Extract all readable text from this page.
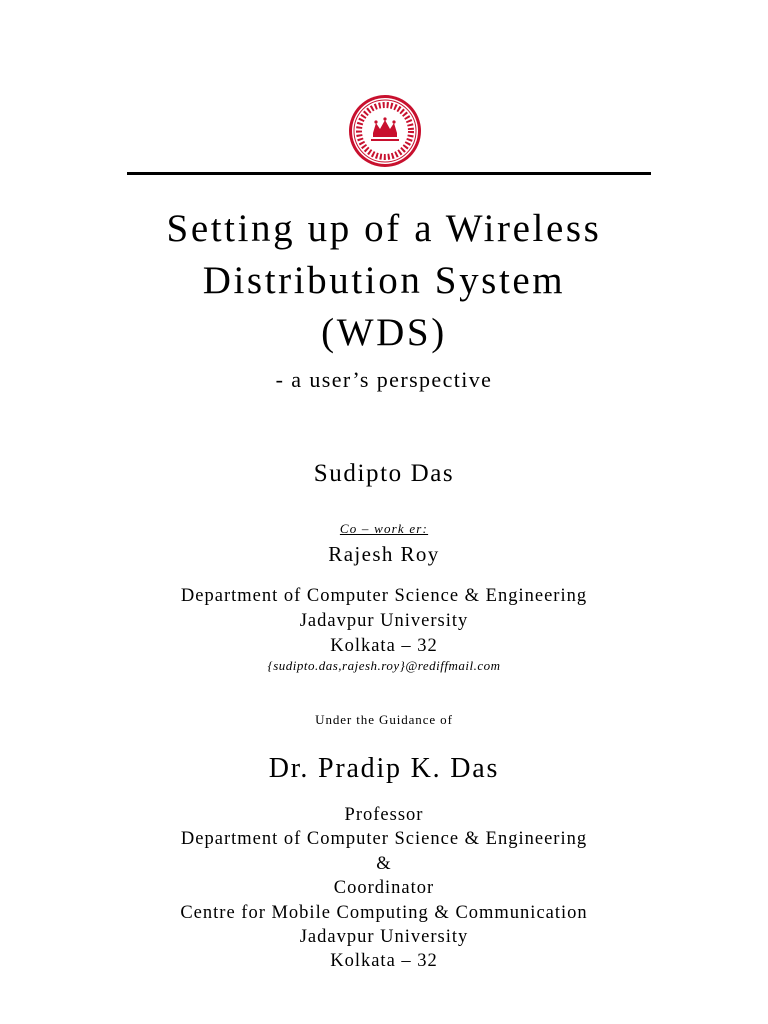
Setting up of a Wireless
Distribution System
(WDS)
- a user’s perspective
Sudipto Das
Co – work er:
Rajesh Roy
Department of Computer Science & Engineering
Jadavpur University
Kolkata – 32
{sudipto.das,rajesh.roy}@rediffmail.com
Under the Guidance of
Dr. Pradip K. Das
Professor
Department of Computer Science & Engineering
&
Coordinator
Centre for Mobile Computing & Communication
Jadavpur University
Kolkata – 32
